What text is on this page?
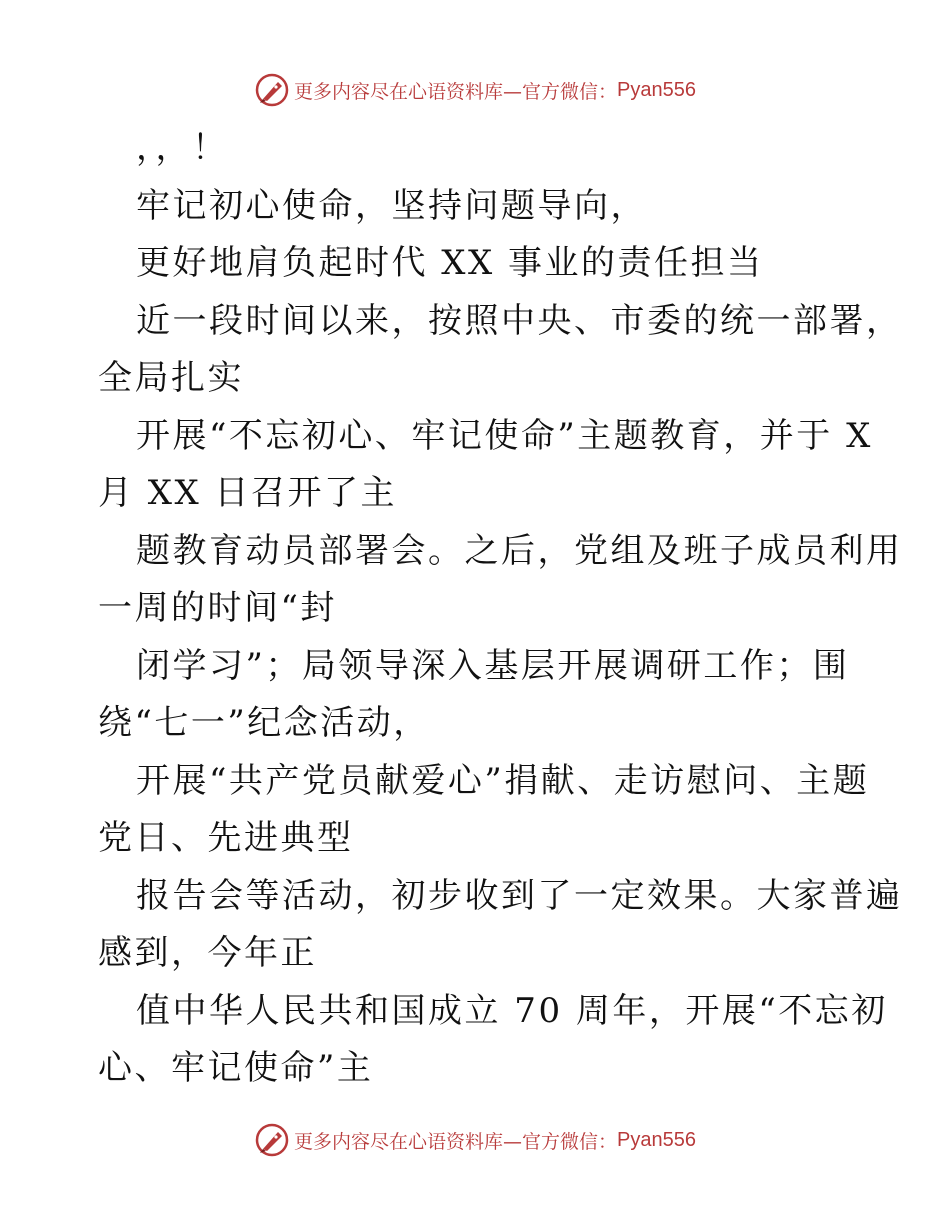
更多内容尽在心语资料库—官方微信： Pyan556
，，！
牢记初心使命，坚持问题导向，
更好地肩负起时代 XX 事业的责任担当
近一段时间以来，按照中央、市委的统一部署，
全局扎实
开展“不忘初心、牢记使命”主题教育，并于 X
月 XX 日召开了主
题教育动员部署会。之后，党组及班子成员利用
一周的时间“封
闭学习”；局领导深入基层开展调研工作；围
绕“七一”纪念活动，
开展“共产党员献爱心”捐献、走访慰问、主题
党日、先进典型
报告会等活动，初步收到了一定效果。大家普遍
感到，今年正
值中华人民共和国成立 70 周年，开展“不忘初
心、牢记使命”主
更多内容尽在心语资料库—官方微信： Pyan556
